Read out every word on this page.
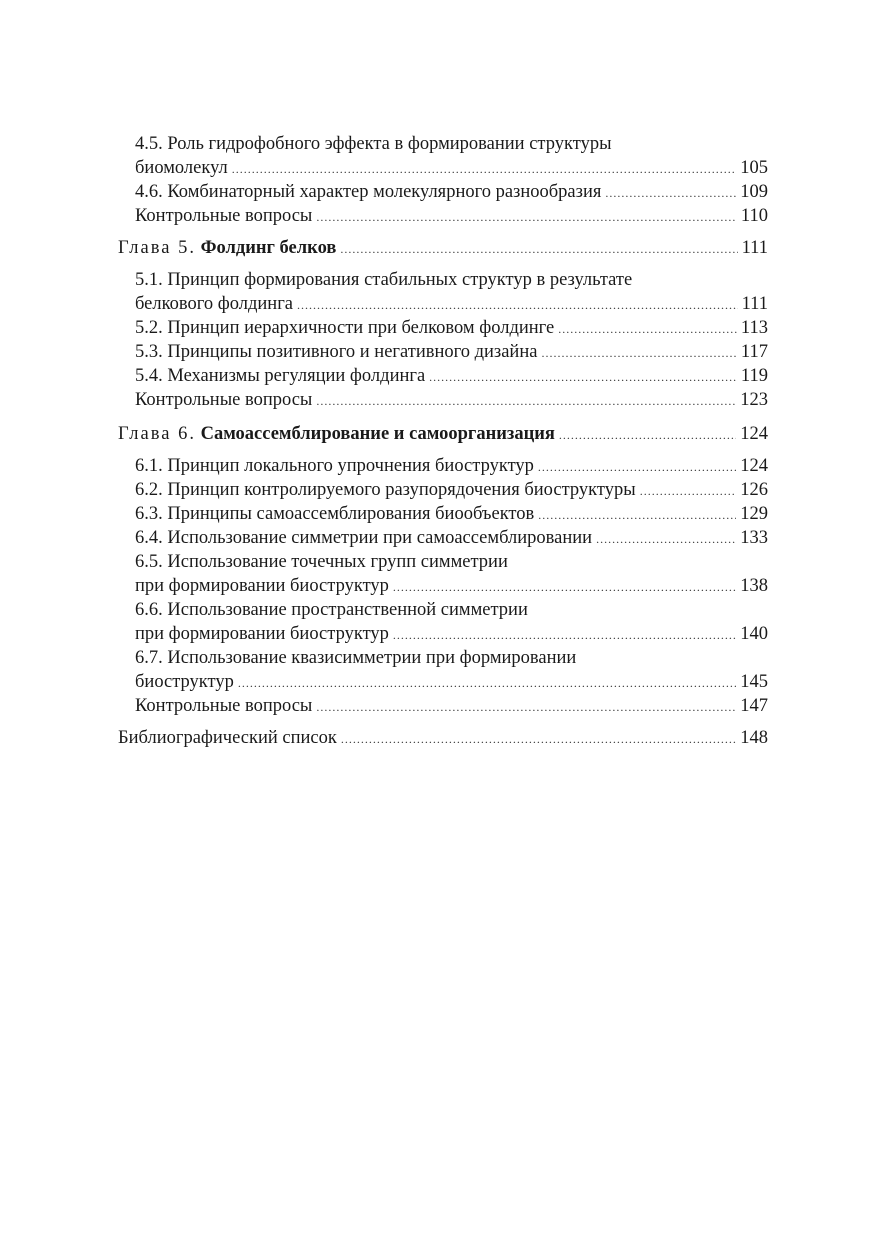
4.5. Роль гидрофобного эффекта в формировании структуры
биомолекул .....	105
4.6. Комбинаторный характер молекулярного разнообразия .....	109
Контрольные вопросы .....	110
Глава 5. Фолдинг белков .....	111
5.1. Принцип формирования стабильных структур в результате
белкового фолдинга .....	111
5.2. Принцип иерархичности при белковом фолдинге .....	113
5.3. Принципы позитивного и негативного дизайна .....	117
5.4. Механизмы регуляции фолдинга .....	119
Контрольные вопросы .....	123
Глава 6. Самоассемблирование и самоорганизация .....	124
6.1. Принцип локального упрочнения биоструктур .....	124
6.2. Принцип контролируемого разупорядочения биоструктуры .....	126
6.3. Принципы самоассемблирования биообъектов .....	129
6.4. Использование симметрии при самоассемблировании .....	133
6.5. Использование точечных групп симметрии
при формировании биоструктур .....	138
6.6. Использование пространственной симметрии
при формировании биоструктур .....	140
6.7. Использование квазисимметрии при формировании
биоструктур .....	145
Контрольные вопросы .....	147
Библиографический список .....	148
